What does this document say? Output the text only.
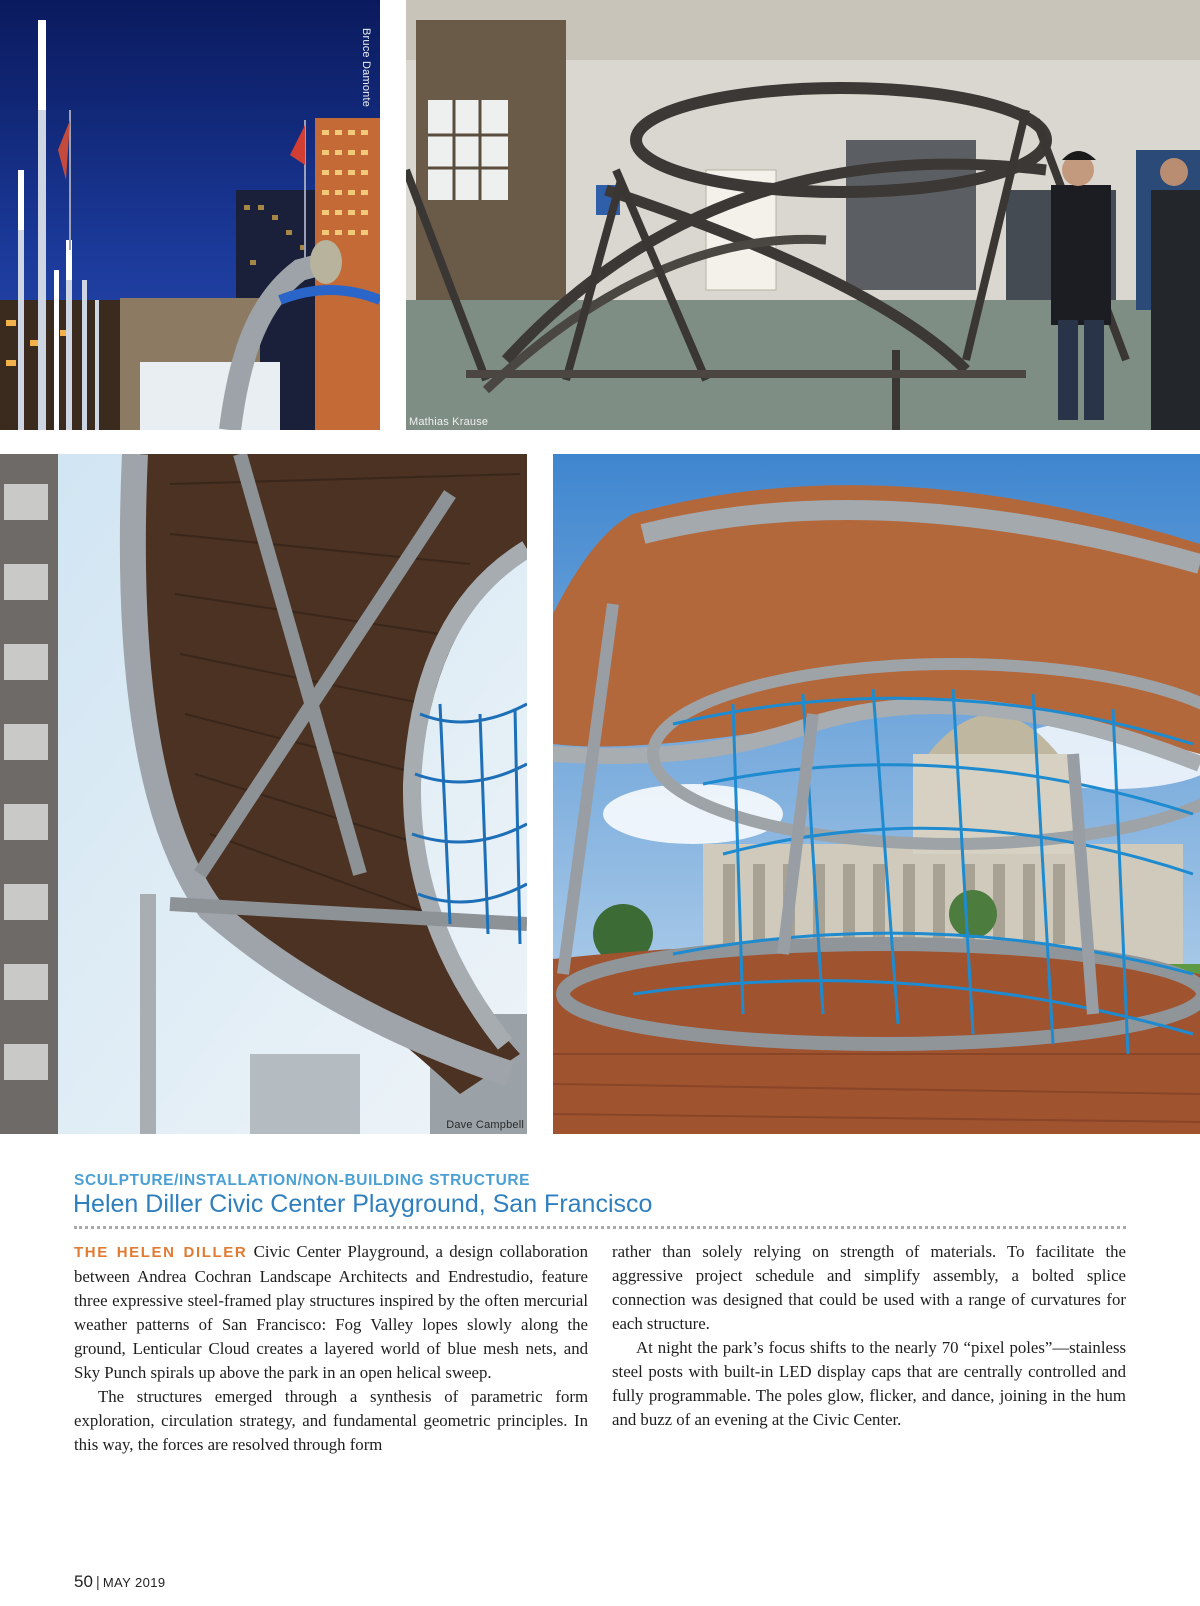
Bruce Damonte
Mathias Krause
Dave Campbell
SCULPTURE/INSTALLATION/NON-BUILDING STRUCTURE
Helen Diller Civic Center Playground, San Francisco

THE HELEN DILLER Civic Center Playground, a design collaboration between Andrea Cochran Landscape Architects and Endrestudio, feature three expressive steel-framed play structures inspired by the often mercurial weather patterns of San Francisco: Fog Valley lopes slowly along the ground, Lenticular Cloud creates a layered world of blue mesh nets, and Sky Punch spirals up above the park in an open helical sweep.

The structures emerged through a synthesis of parametric form exploration, circulation strategy, and fundamental geometric principles. In this way, the forces are resolved through form

rather than solely relying on strength of materials. To facilitate the aggressive project schedule and simplify assembly, a bolted splice connection was designed that could be used with a range of curvatures for each structure.

At night the park’s focus shifts to the nearly 70 “pixel poles”—stainless steel posts with built-in LED display caps that are centrally controlled and fully programmable. The poles glow, flicker, and dance, joining in the hum and buzz of an evening at the Civic Center.

50 | MAY 2019
